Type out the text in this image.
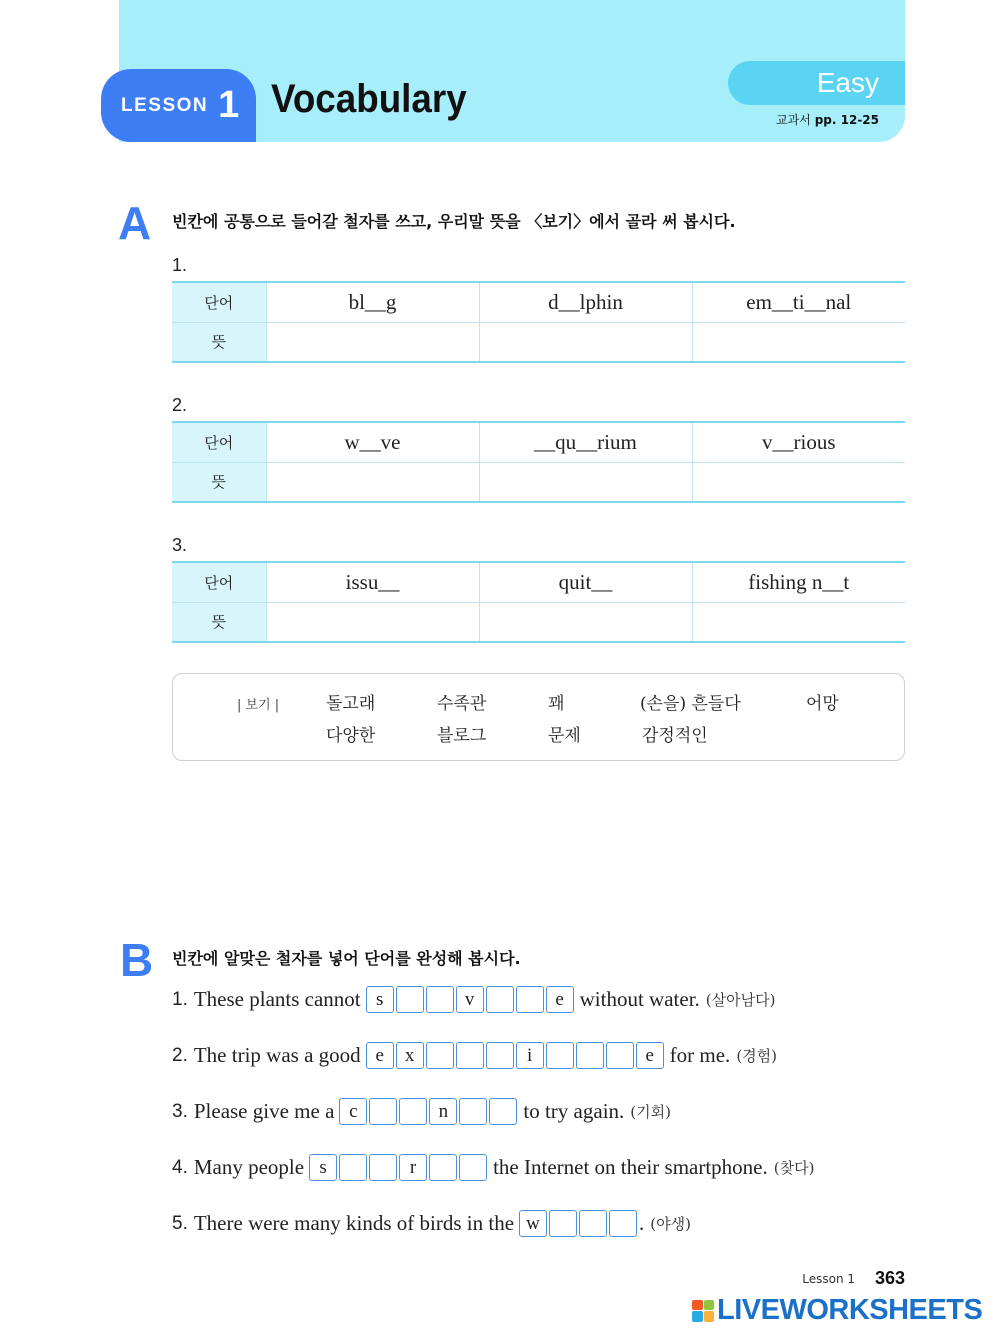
LESSON 1 Vocabulary	Easy
교과서 pp. 12-25
A 빈칸에 공통으로 들어갈 철자를 쓰고, 우리말 뜻을 〈보기〉에서 골라 써 봅시다.
1.
단어	bl__g	d__lphin	em__ti__nal
뜻			
2.
단어	w__ve	__qu__rium	v__rious
뜻			
3.
단어	issu__	quit__	fishing n__t
뜻			
| 보기 |	돌고래	수족관	꽤	(손을) 흔들다	어망
다양한	블로그	문제	감정적인
B 빈칸에 알맞은 철자를 넣어 단어를 완성해 봅시다.
1. These plants cannot s	v	e without water. (살아남다)
2. The trip was a good e	x	i	e for me. (경험)
3. Please give me a c	n	to try again. (기회)
4. Many people s	r	the Internet on their smartphone. (찾다)
5. There were many kinds of birds in the w	. (야생)
Lesson 1 363
LIVEWORKSHEETS
